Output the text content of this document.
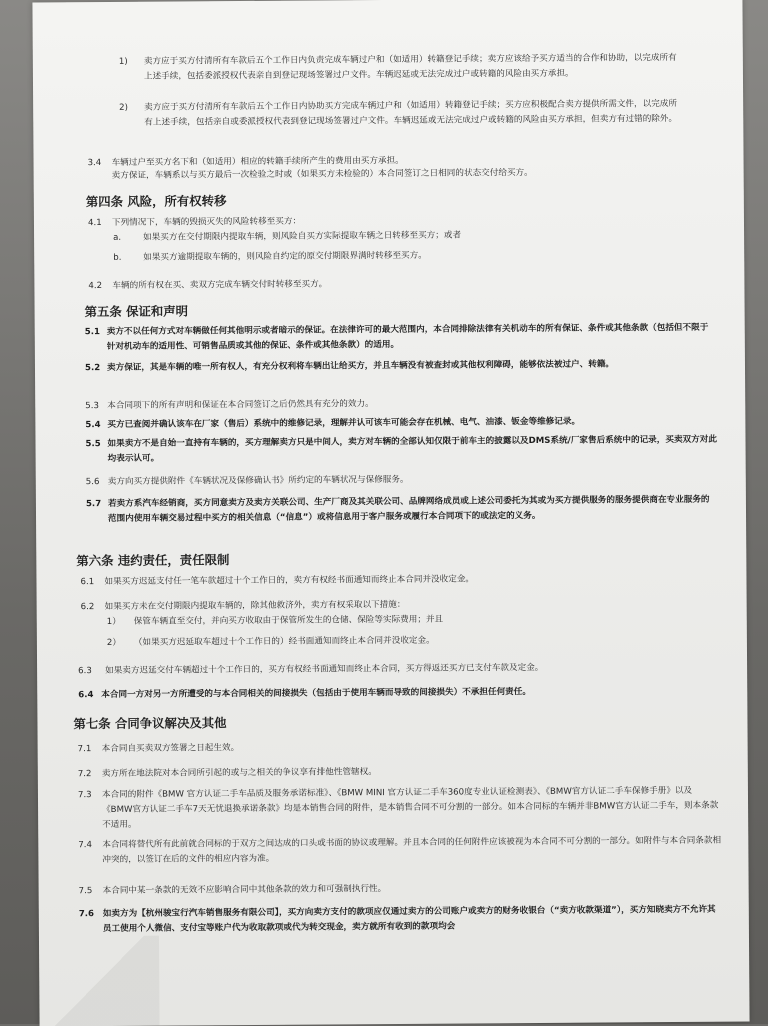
1) 卖方应于买方付清所有车款后五个工作日内负责完成车辆过户和（如适用）转籍登记手续；卖方应该给予买方适当的合作和协助，以完成所有上述手续，包括委派授权代表亲自到登记现场签署过户文件。车辆迟延或无法完成过户或转籍的风险由买方承担。
2) 卖方应于买方付清所有车款后五个工作日内协助买方完成车辆过户和（如适用）转籍登记手续；买方应积极配合卖方提供所需文件，以完成所有上述手续，包括亲自或委派授权代表到登记现场签署过户文件。车辆迟延或无法完成过户或转籍的风险由买方承担，但卖方有过错的除外。
3.4 车辆过户至买方名下和（如适用）相应的转籍手续所产生的费用由买方承担。
卖方保证，车辆系以与买方最后一次检验之时或（如果买方未检验的）本合同签订之日相同的状态交付给买方。
第四条 风险，所有权转移
4.1 下列情况下，车辆的毁损灭失的风险转移至买方：
a.	如果买方在交付期限内提取车辆，则风险自买方实际提取车辆之日转移至买方；或者
b.	如果买方逾期提取车辆的，则风险自约定的原交付期限界满时转移至买方。
4.2 车辆的所有权在买、卖双方完成车辆交付时转移至买方。
第五条 保证和声明
5.1 卖方不以任何方式对车辆做任何其他明示或者暗示的保证。在法律许可的最大范围内，本合同排除法律有关机动车的所有保证、条件或其他条款（包括但不限于针对机动车的适用性、可销售品质或其他的保证、条件或其他条款）的适用。
5.2 卖方保证，其是车辆的唯一所有权人，有充分权利将车辆出让给买方，并且车辆没有被查封或其他权利障碍，能够依法被过户、转籍。
5.3 本合同项下的所有声明和保证在本合同签订之后仍然具有充分的效力。
5.4 买方已查阅并确认该车在厂家（售后）系统中的维修记录，理解并认可该车可能会存在机械、电气、油漆、钣金等维修记录。
5.5 如果卖方不是自始一直持有车辆的，买方理解卖方只是中间人，卖方对车辆的全部认知仅限于前车主的披露以及DMS系统/厂家售后系统中的记录，买卖双方对此均表示认可。
5.6 卖方向买方提供附件《车辆状况及保修确认书》所约定的车辆状况与保修服务。
5.7 若卖方系汽车经销商，买方同意卖方及卖方关联公司、生产厂商及其关联公司、品牌网络成员或上述公司委托为其或为买方提供服务的服务提供商在专业服务的范围内使用车辆交易过程中买方的相关信息（“信息”）或将信息用于客户服务或履行本合同项下的或法定的义务。
第六条 违约责任，责任限制
6.1 如果买方迟延支付任一笔车款超过十个工作日的，卖方有权经书面通知而终止本合同并没收定金。
6.2 如果买方未在交付期限内提取车辆的，除其他救济外，卖方有权采取以下措施：
1） 保管车辆直至交付，并向买方收取由于保管所发生的仓储、保险等实际费用；并且
2） （如果买方迟延取车超过十个工作日的）经书面通知而终止本合同并没收定金。
6.3 如果卖方迟延交付车辆超过十个工作日的，买方有权经书面通知而终止本合同，买方得返还买方已支付车款及定金。
6.4 本合同一方对另一方所遭受的与本合同相关的间接损失（包括由于使用车辆而导致的间接损失）不承担任何责任。
第七条 合同争议解决及其他
7.1 本合同自买卖双方签署之日起生效。
7.2 卖方所在地法院对本合同所引起的或与之相关的争议享有排他性管辖权。
7.3 本合同的附件《BMW 官方认证二手车品质及服务承诺标准》、《BMW MINI 官方认证二手车360度专业认证检测表》、《BMW官方认证二手车保修手册》以及《BMW官方认证二手车7天无忧退换承诺条款》均是本销售合同的附件，是本销售合同不可分割的一部分。如本合同标的车辆并非BMW官方认证二手车，则本条款不适用。
7.4 本合同将替代所有此前就合同标的于双方之间达成的口头或书面的协议或理解。并且本合同的任何附件应该被视为本合同不可分割的一部分。如附件与本合同条款相冲突的，以签订在后的文件的相应内容为准。
7.5 本合同中某一条款的无效不应影响合同中其他条款的效力和可强制执行性。
7.6 如卖方为【杭州骏宝行汽车销售服务有限公司】，买方向卖方支付的款项应仅通过卖方的公司账户或卖方的财务收银台（“卖方收款渠道”），买方知晓卖方不允许其员工使用个人微信、支付宝等账户代为收取款项或代为转交现金，卖方就所有收到的款项均会
